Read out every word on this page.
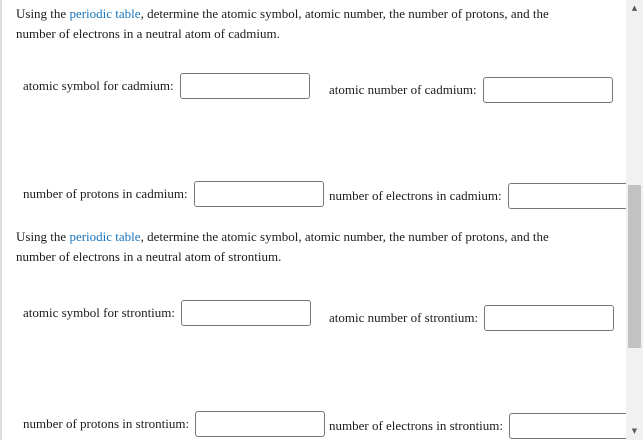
Using the periodic table, determine the atomic symbol, atomic number, the number of protons, and the number of electrons in a neutral atom of cadmium.
atomic symbol for cadmium:	atomic number of cadmium:
number of protons in cadmium:	number of electrons in cadmium:
Using the periodic table, determine the atomic symbol, atomic number, the number of protons, and the number of electrons in a neutral atom of strontium.
atomic symbol for strontium:	atomic number of strontium:
number of protons in strontium:	number of electrons in strontium:
▲
▼
